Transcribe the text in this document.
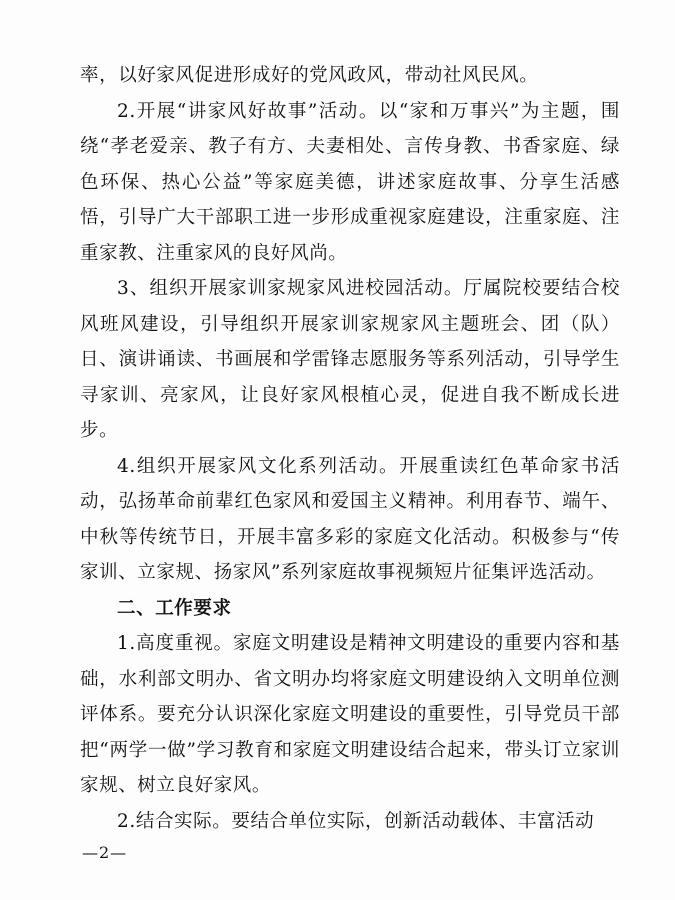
率，以好家风促进形成好的党风政风，带动社风民风。

2.开展“讲家风好故事”活动。以“家和万事兴”为主题，围绕“孝老爱亲、教子有方、夫妻相处、言传身教、书香家庭、绿色环保、热心公益”等家庭美德，讲述家庭故事、分享生活感悟，引导广大干部职工进一步形成重视家庭建设，注重家庭、注重家教、注重家风的良好风尚。

3、组织开展家训家规家风进校园活动。厅属院校要结合校风班风建设，引导组织开展家训家规家风主题班会、团（队）日、演讲诵读、书画展和学雷锋志愿服务等系列活动，引导学生寻家训、亮家风，让良好家风根植心灵，促进自我不断成长进步。

4.组织开展家风文化系列活动。开展重读红色革命家书活动，弘扬革命前辈红色家风和爱国主义精神。利用春节、端午、中秋等传统节日，开展丰富多彩的家庭文化活动。积极参与“传家训、立家规、扬家风”系列家庭故事视频短片征集评选活动。

二、工作要求

1.高度重视。家庭文明建设是精神文明建设的重要内容和基础，水利部文明办、省文明办均将家庭文明建设纳入文明单位测评体系。要充分认识深化家庭文明建设的重要性，引导党员干部把“两学一做”学习教育和家庭文明建设结合起来，带头订立家训家规、树立良好家风。

2.结合实际。要结合单位实际，创新活动载体、丰富活动

—2—
